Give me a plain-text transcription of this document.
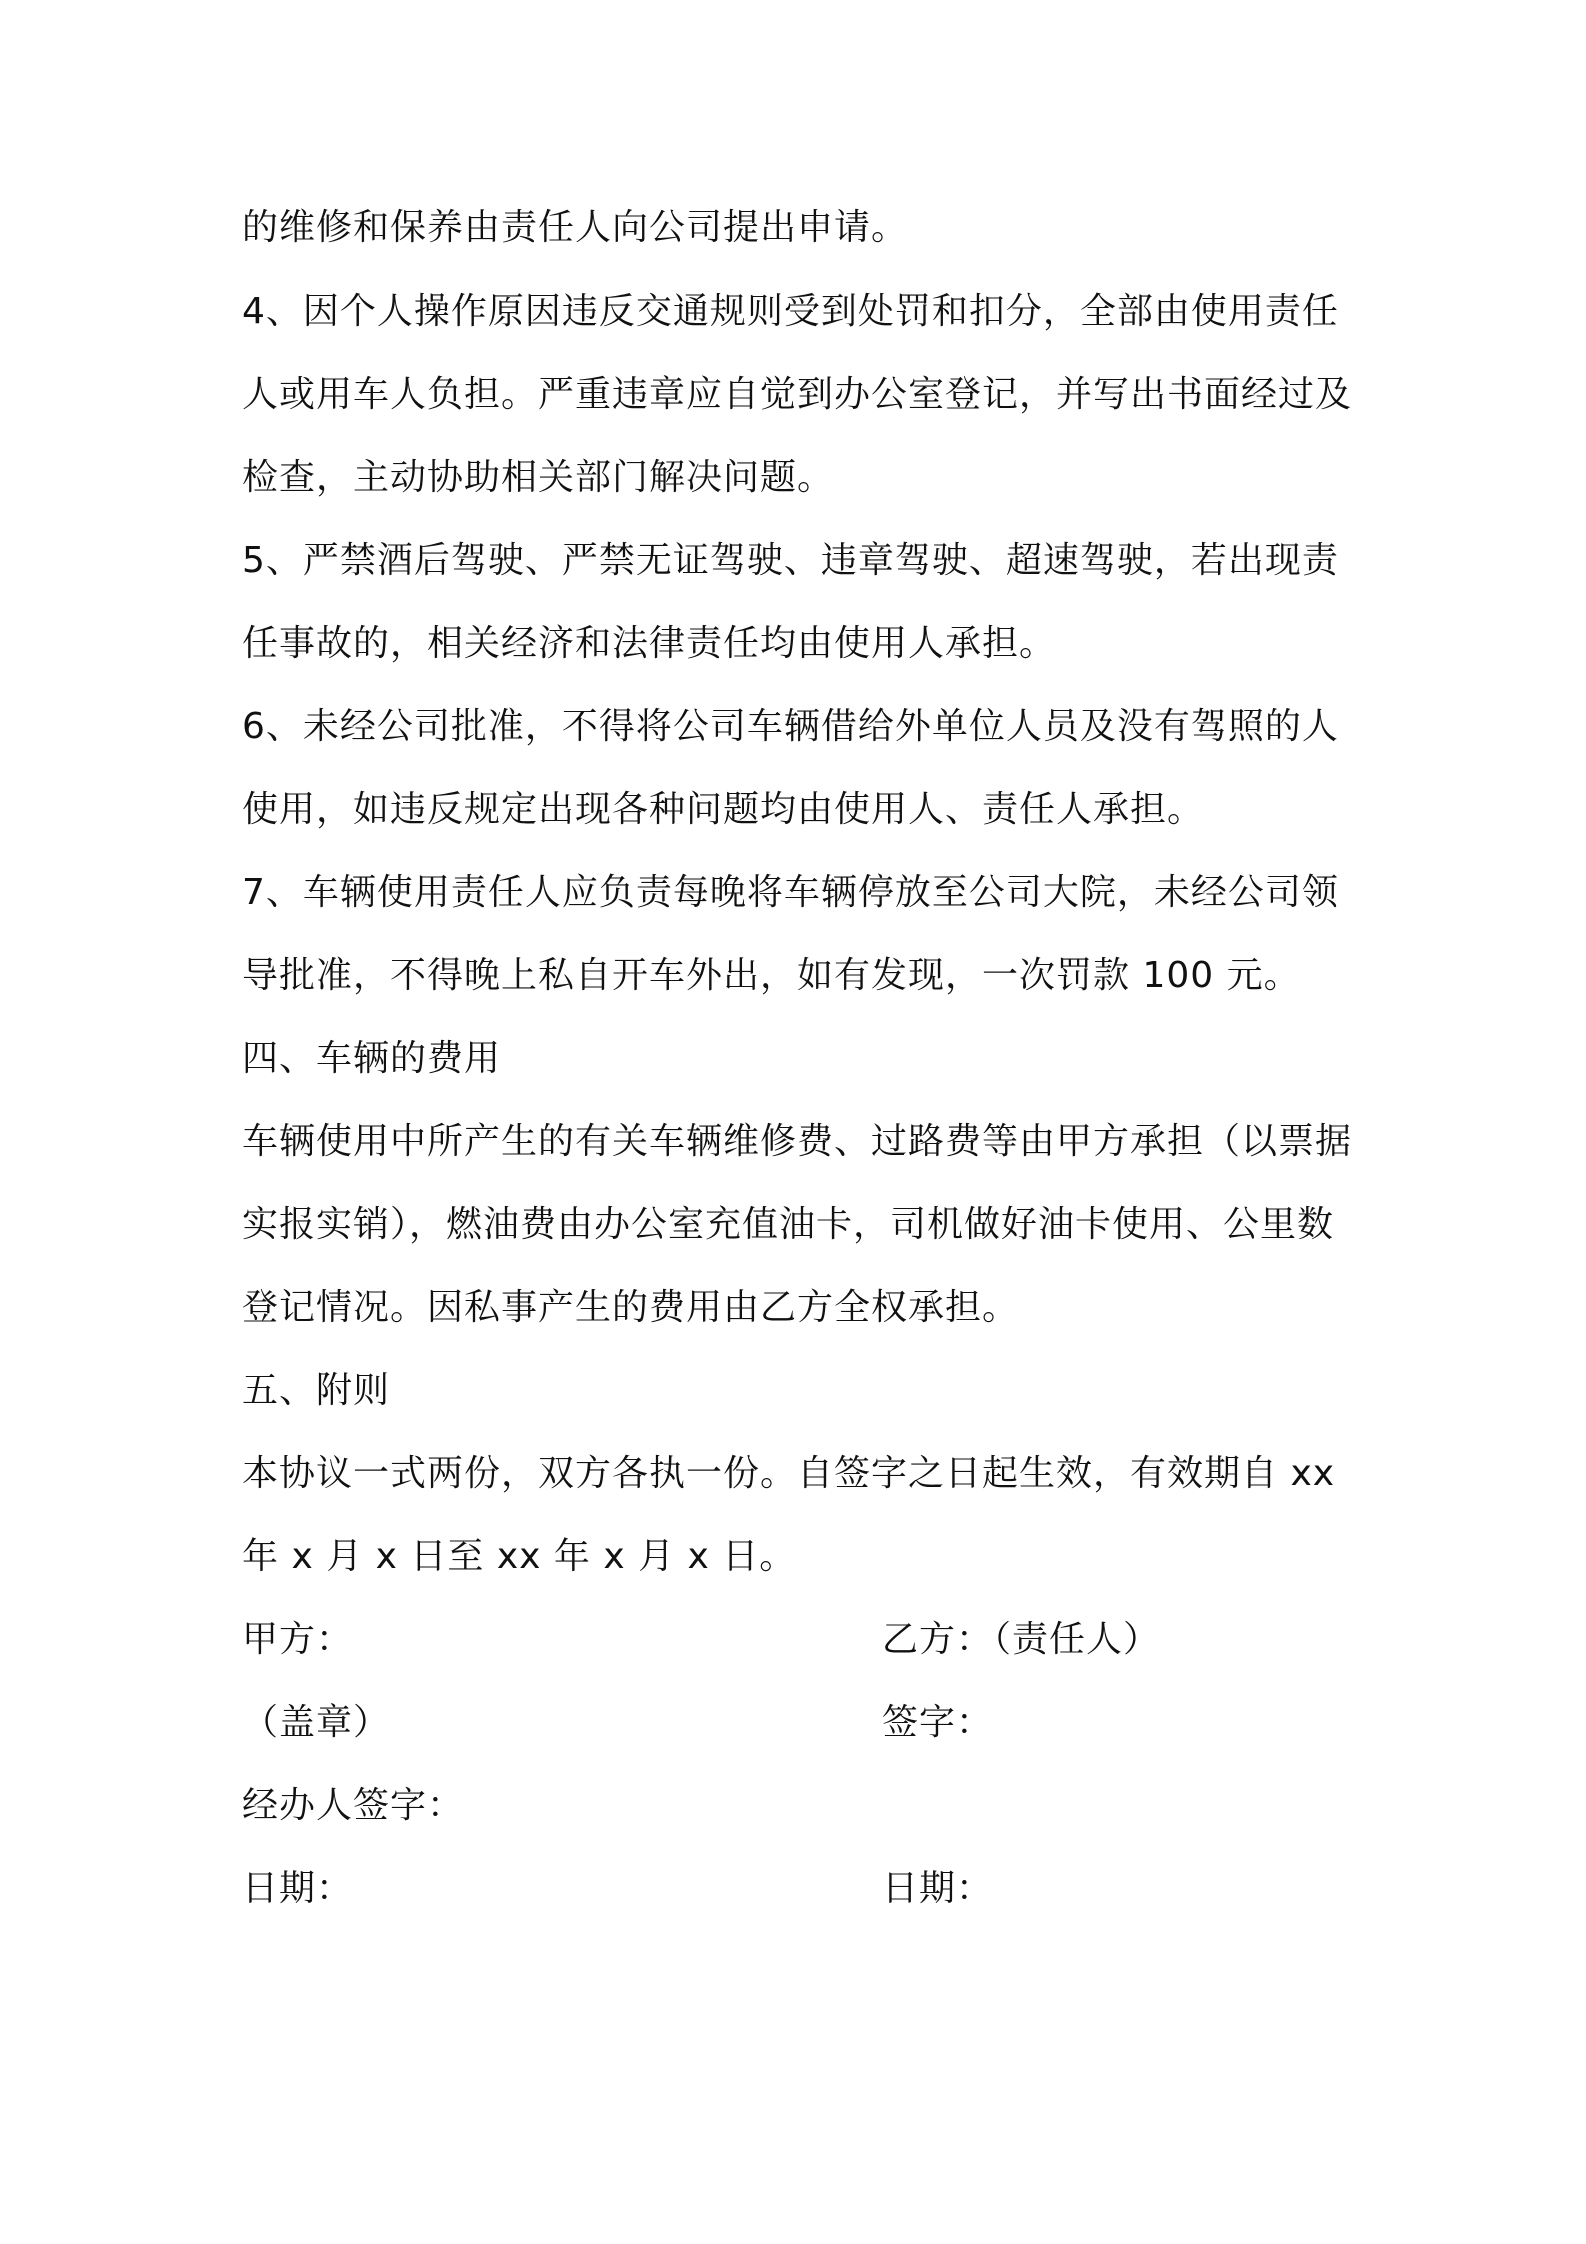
的维修和保养由责任人向公司提出申请。
4、因个人操作原因违反交通规则受到处罚和扣分，全部由使用责任
人或用车人负担。严重违章应自觉到办公室登记，并写出书面经过及
检查，主动协助相关部门解决问题。
5、严禁酒后驾驶、严禁无证驾驶、违章驾驶、超速驾驶，若出现责
任事故的，相关经济和法律责任均由使用人承担。
6、未经公司批准，不得将公司车辆借给外单位人员及没有驾照的人
使用，如违反规定出现各种问题均由使用人、责任人承担。
7、车辆使用责任人应负责每晚将车辆停放至公司大院，未经公司领
导批准，不得晚上私自开车外出，如有发现，一次罚款 100 元。
四、车辆的费用
车辆使用中所产生的有关车辆维修费、过路费等由甲方承担（以票据
实报实销），燃油费由办公室充值油卡，司机做好油卡使用、公里数
登记情况。因私事产生的费用由乙方全权承担。
五、附则
本协议一式两份，双方各执一份。自签字之日起生效，有效期自 xx
年 x 月 x 日至 xx 年 x 月 x 日。
甲方：	乙方：（责任人）
（盖章）	签字：
经办人签字：
日期：	日期：
